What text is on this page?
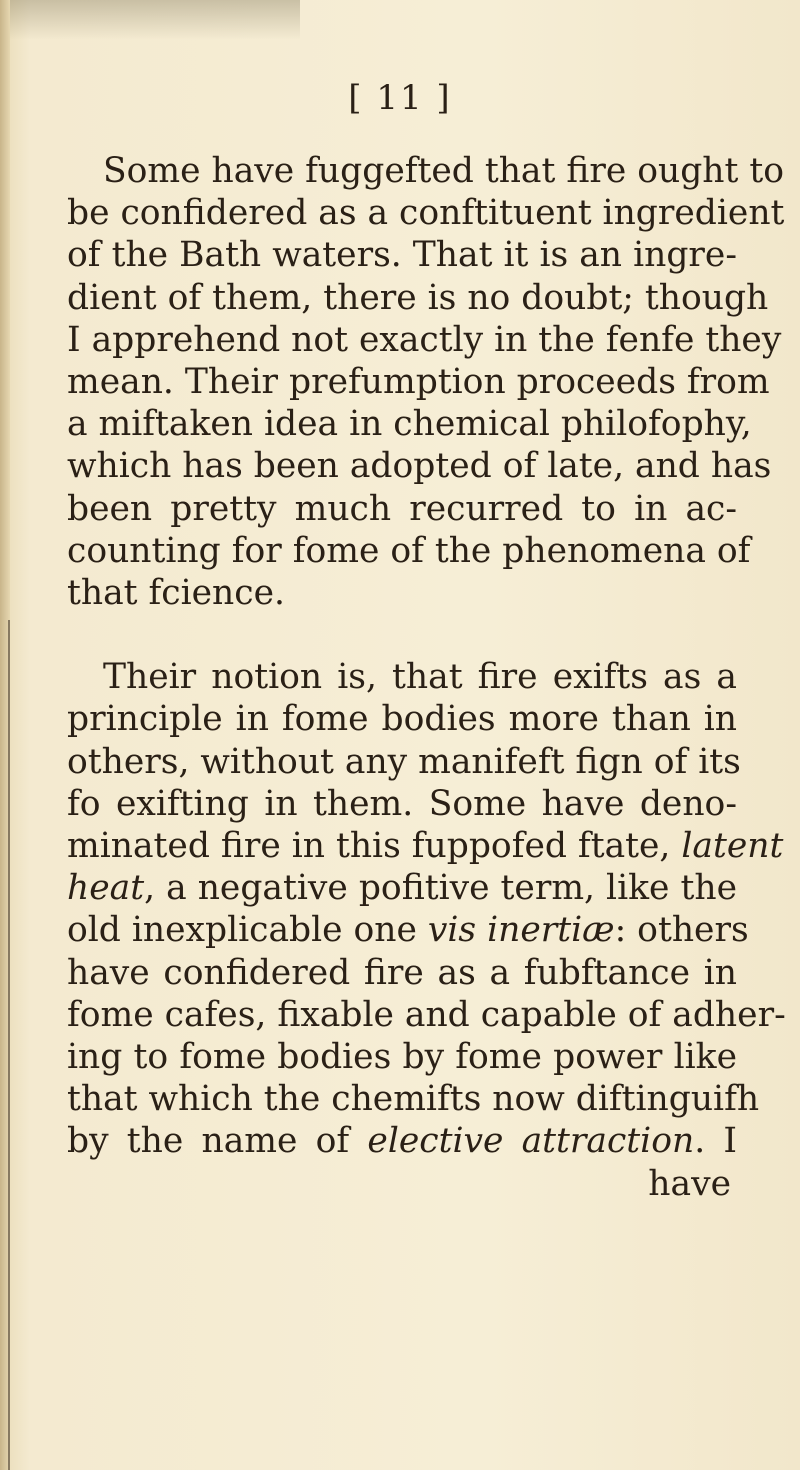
[ 11 ]
Some have fuggefted that fire ought to
be confidered as a conftituent ingredient
of the Bath waters. That it is an ingre-
dient of them, there is no doubt; though
I apprehend not exactly in the fenfe they
mean. Their prefumption proceeds from
a miftaken idea in chemical philofophy,
which has been adopted of late, and has
been pretty much recurred to in ac-
counting for fome of the phenomena of
that fcience.
Their notion is, that fire exifts as a
principle in fome bodies more than in
others, without any manifeft fign of its
fo exifting in them. Some have deno-
minated fire in this fuppofed ftate, latent
heat, a negative pofitive term, like the
old inexplicable one vis inertiæ: others
have confidered fire as a fubftance in
fome cafes, fixable and capable of adher-
ing to fome bodies by fome power like
that which the chemifts now diftinguifh
by the name of elective attraction. I
have
